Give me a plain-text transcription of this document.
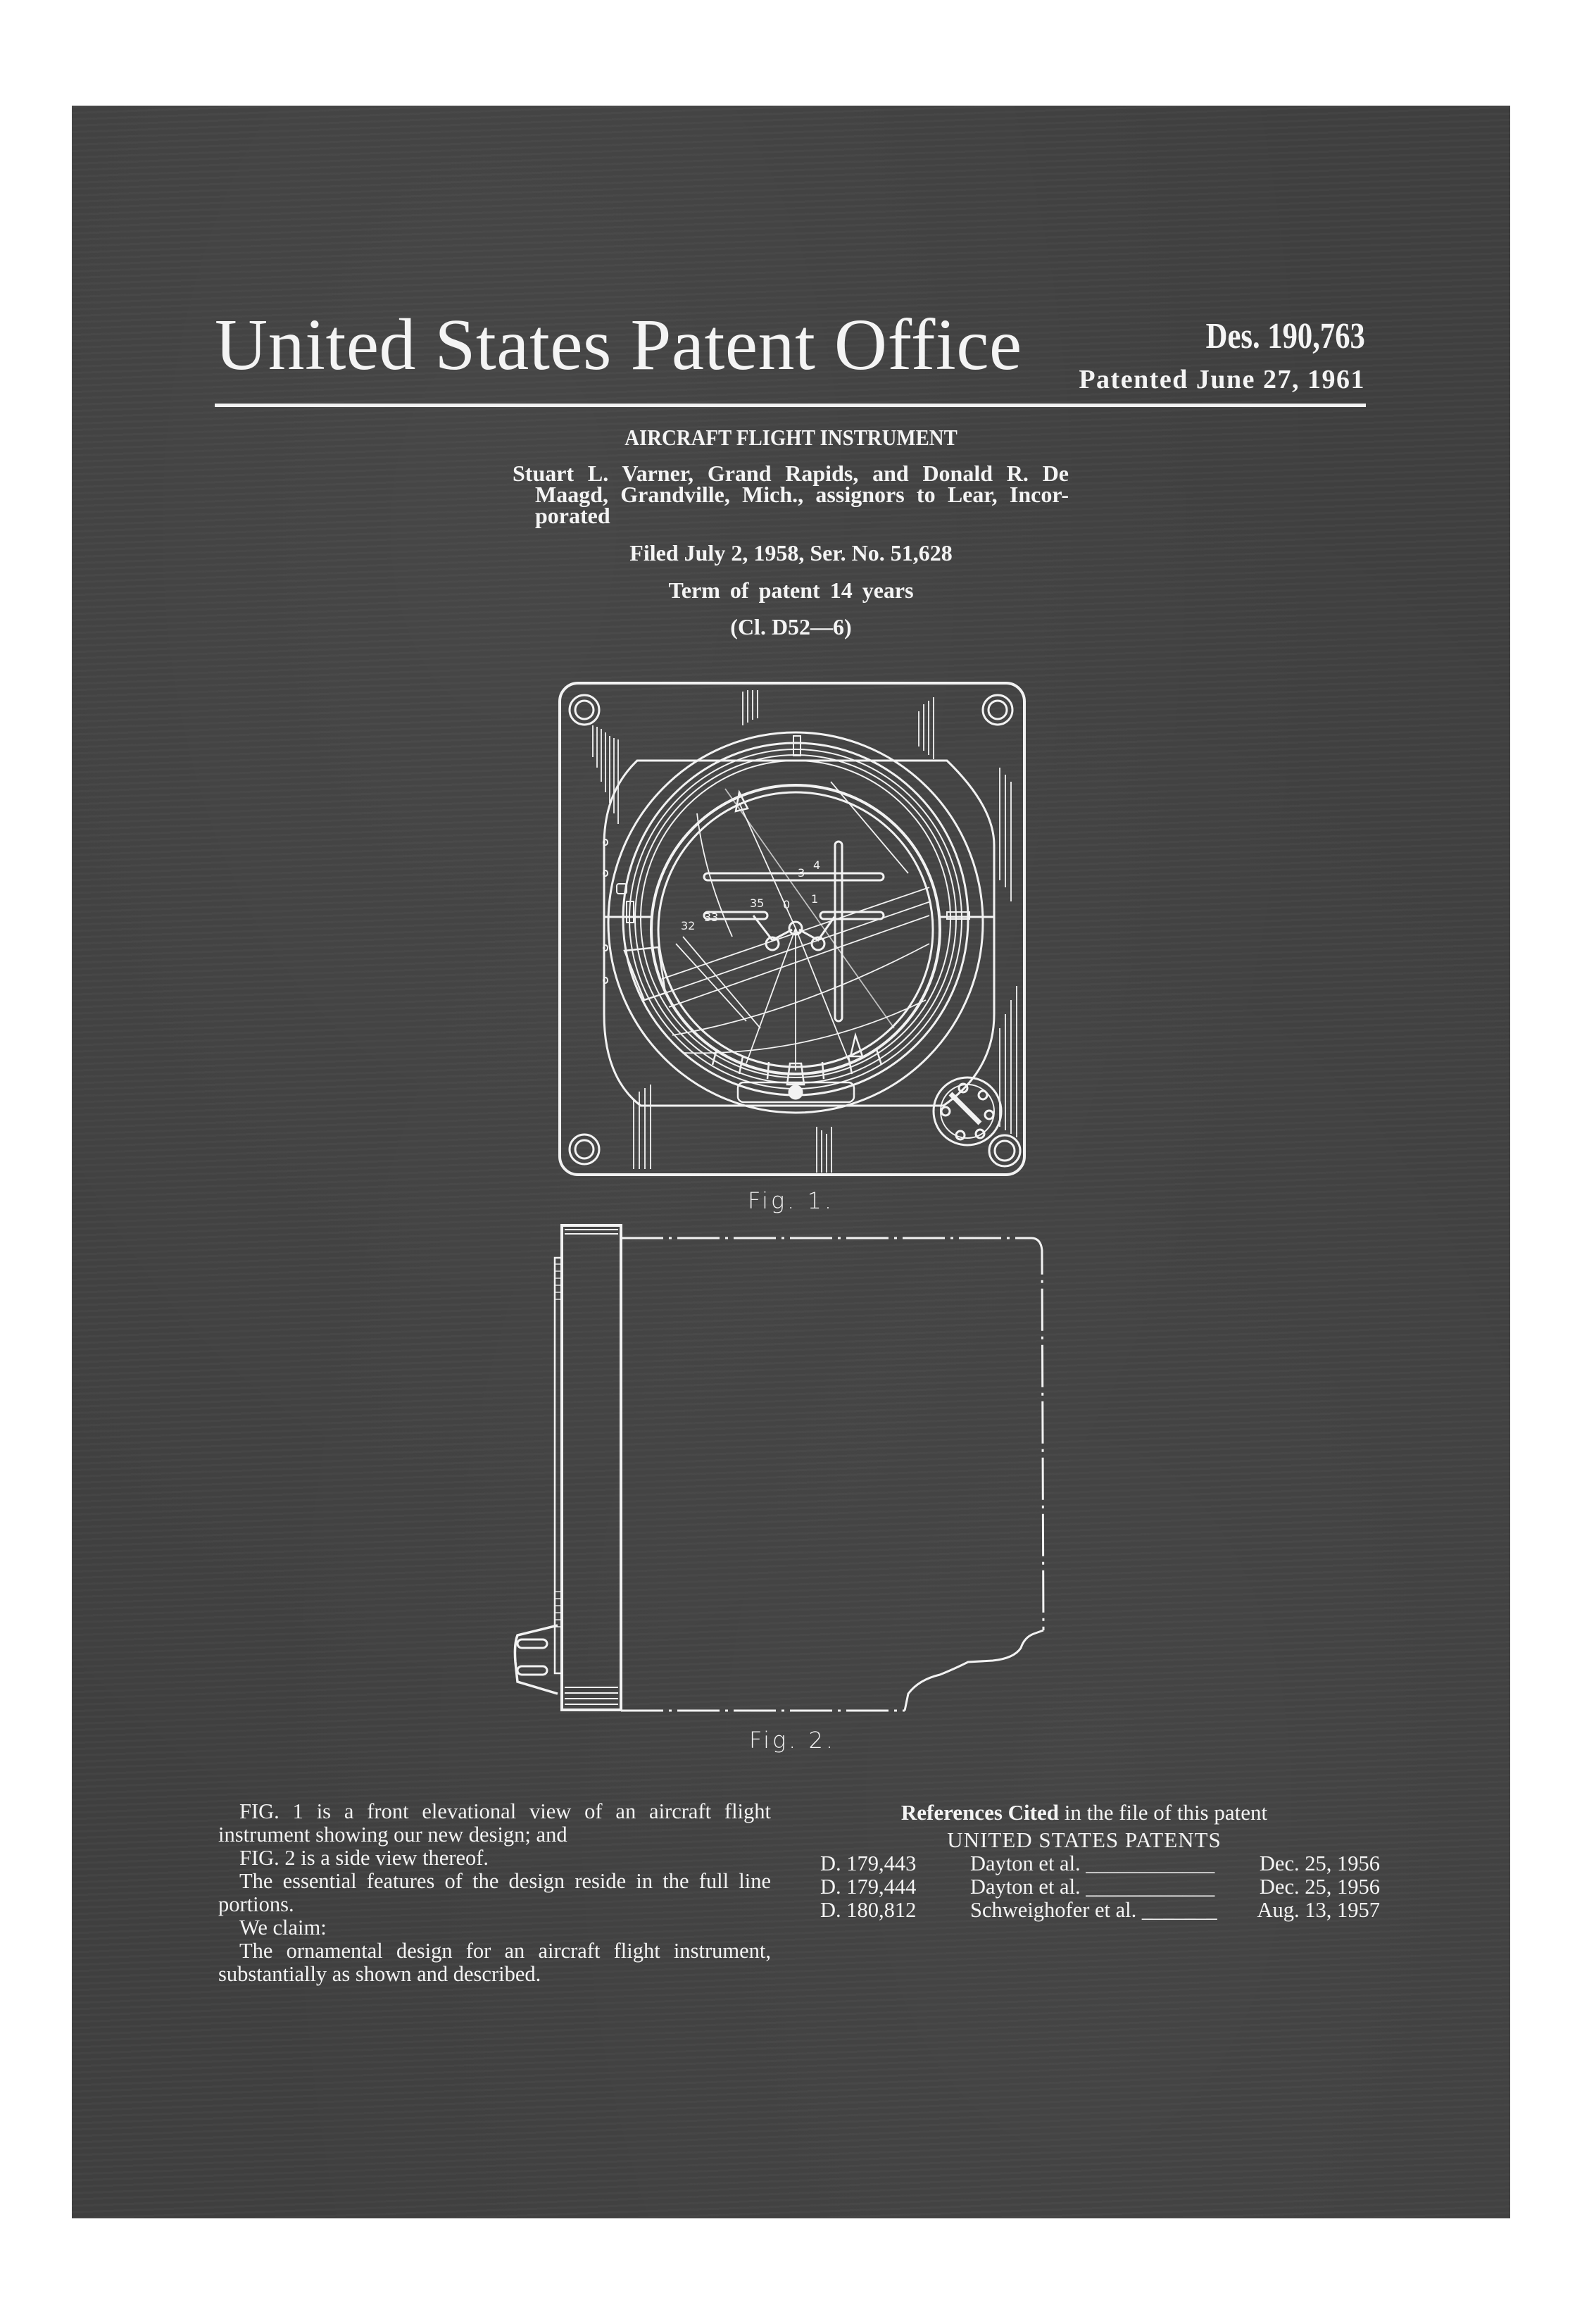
United States Patent Office	Des. 190,763
Patented June 27, 1961
AIRCRAFT FLIGHT INSTRUMENT
Stuart L. Varner, Grand Rapids, and Donald R. De
Maagd, Grandville, Mich., assignors to Lear, Incor-
porated
Filed July 2, 1958, Ser. No. 51,628
Term of patent 14 years
(Cl. D52—6)
3
4
0 1
35
33
32
Fig. 1.
Fig. 2.

FIG. 1 is a front elevational view of an aircraft flight instrument showing our new design; and

FIG. 2 is a side view thereof.

The essential features of the design reside in the full line portions.

We claim:

The ornamental design for an aircraft flight instrument, substantially as shown and described.

References Cited in the file of this patent
UNITED STATES PATENTS
D. 179,443	Dayton et al. ____________	Dec. 25, 1956
D. 179,444	Dayton et al. ____________	Dec. 25, 1956
D. 180,812	Schweighofer et al. _______	Aug. 13, 1957
